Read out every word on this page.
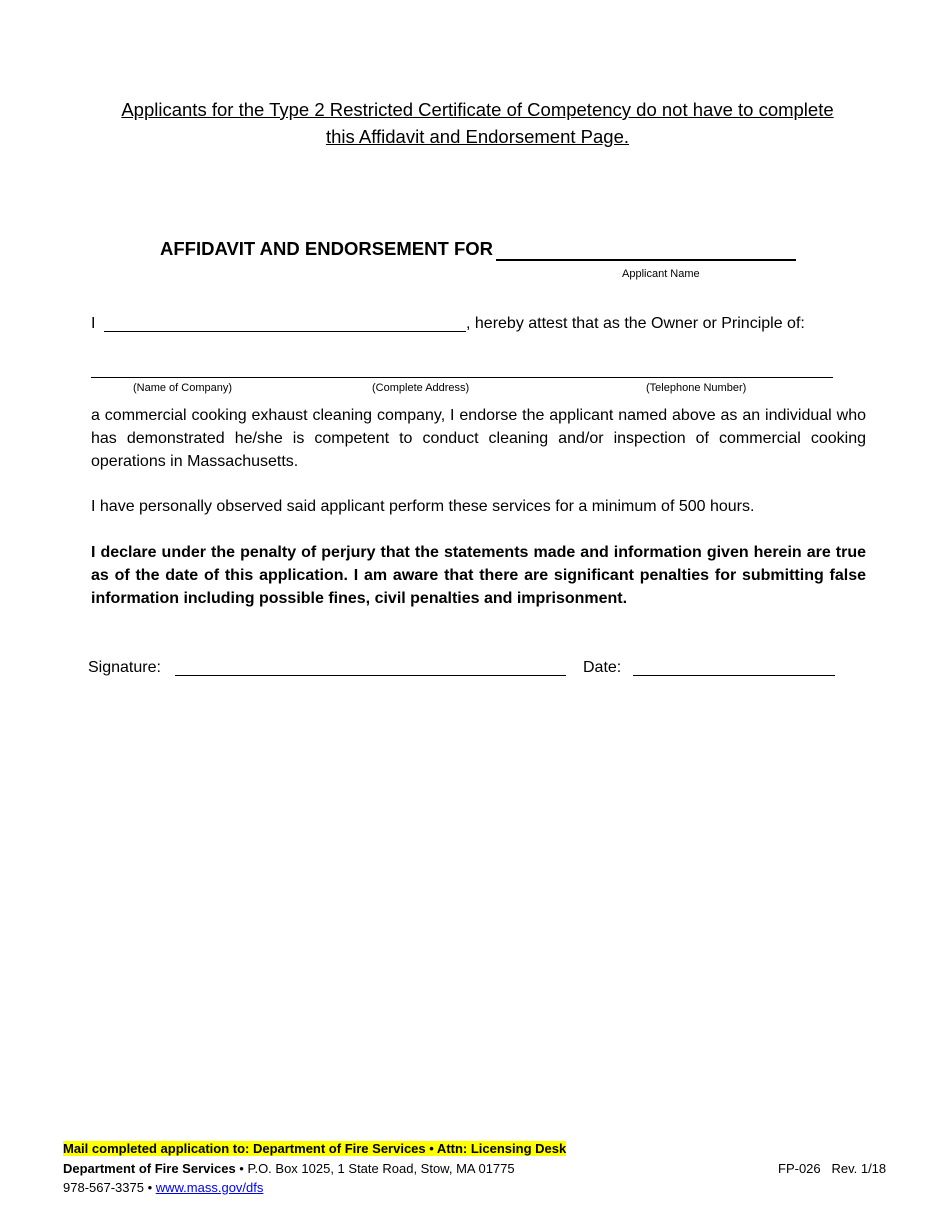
Applicants for the Type 2 Restricted Certificate of Competency do not have to complete
this Affidavit and Endorsement Page.
AFFIDAVIT AND ENDORSEMENT FOR
Applicant Name
I	, hereby attest that as the Owner or Principle of:
(Name of Company)	(Complete Address)	(Telephone Number)
a commercial cooking exhaust cleaning company, I endorse the applicant named above as an individual who has demonstrated he/she is competent to conduct cleaning and/or inspection of commercial cooking operations in Massachusetts.
I have personally observed said applicant perform these services for a minimum of 500 hours.
I declare under the penalty of perjury that the statements made and information given herein are true as of the date of this application. I am aware that there are significant penalties for submitting false information including possible fines, civil penalties and imprisonment.
Signature:	Date:
Mail completed application to: Department of Fire Services • Attn: Licensing Desk
Department of Fire Services • P.O. Box 1025, 1 State Road, Stow, MA 01775
978-567-3375 • www.mass.gov/dfs
FP-026   Rev. 1/18
